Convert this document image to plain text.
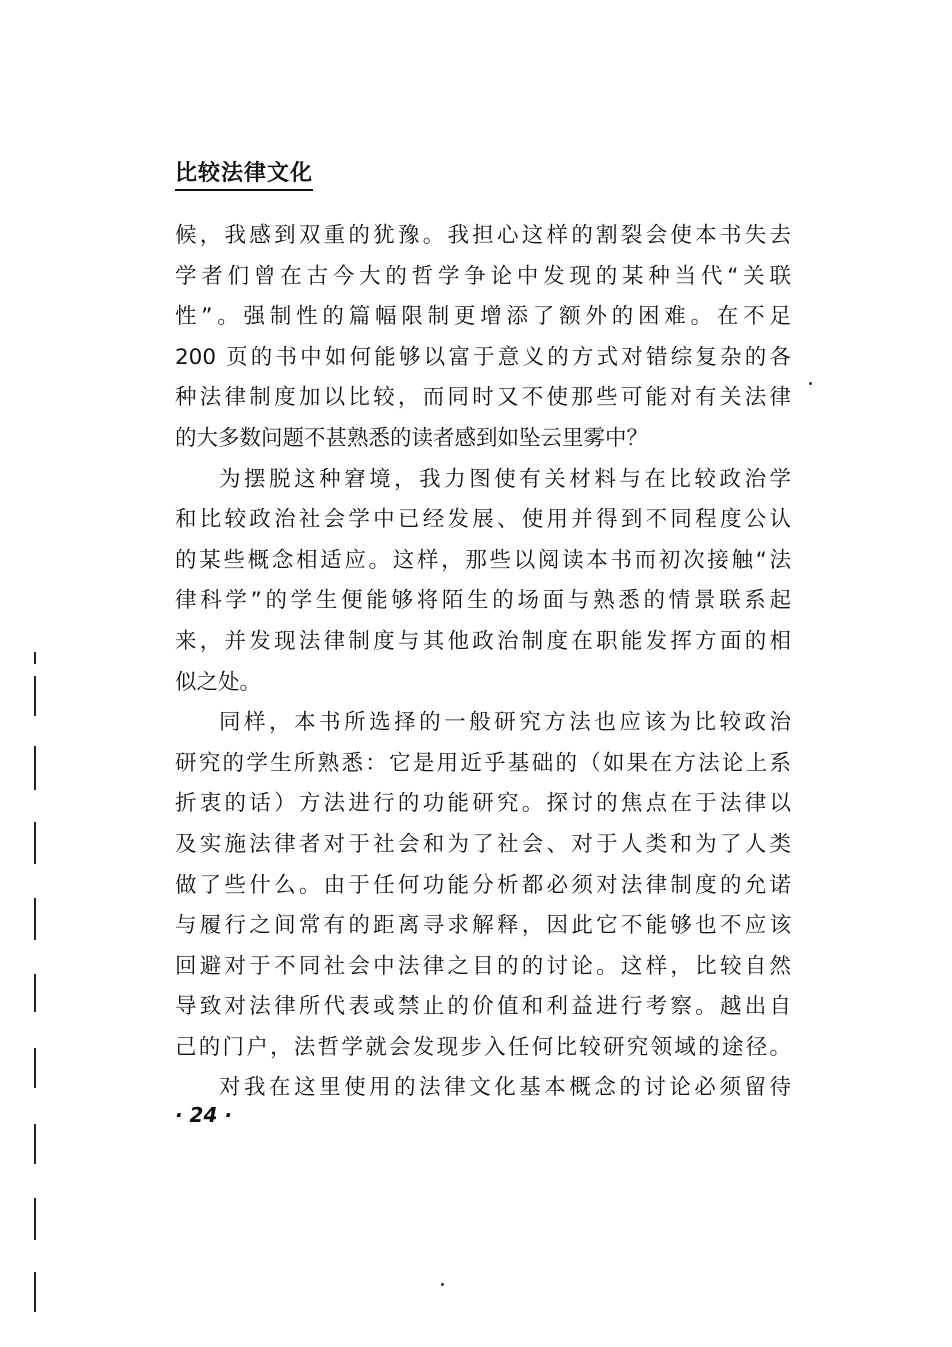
比较法律文化
候，我感到双重的犹豫。我担心这样的割裂会使本书失去
学者们曾在古今大的哲学争论中发现的某种当代“关联
性”。强制性的篇幅限制更增添了额外的困难。在不足
200 页的书中如何能够以富于意义的方式对错综复杂的各
种法律制度加以比较，而同时又不使那些可能对有关法律
的大多数问题不甚熟悉的读者感到如坠云里雾中？
为摆脱这种窘境，我力图使有关材料与在比较政治学
和比较政治社会学中已经发展、使用并得到不同程度公认
的某些概念相适应。这样，那些以阅读本书而初次接触“法
律科学”的学生便能够将陌生的场面与熟悉的情景联系起
来，并发现法律制度与其他政治制度在职能发挥方面的相
似之处。
同样，本书所选择的一般研究方法也应该为比较政治
研究的学生所熟悉：它是用近乎基础的（如果在方法论上系
折衷的话）方法进行的功能研究。探讨的焦点在于法律以
及实施法律者对于社会和为了社会、对于人类和为了人类
做了些什么。由于任何功能分析都必须对法律制度的允诺
与履行之间常有的距离寻求解释，因此它不能够也不应该
回避对于不同社会中法律之目的的讨论。这样，比较自然
导致对法律所代表或禁止的价值和利益进行考察。越出自
己的门户，法哲学就会发现步入任何比较研究领域的途径。
对我在这里使用的法律文化基本概念的讨论必须留待
· 24 ·
